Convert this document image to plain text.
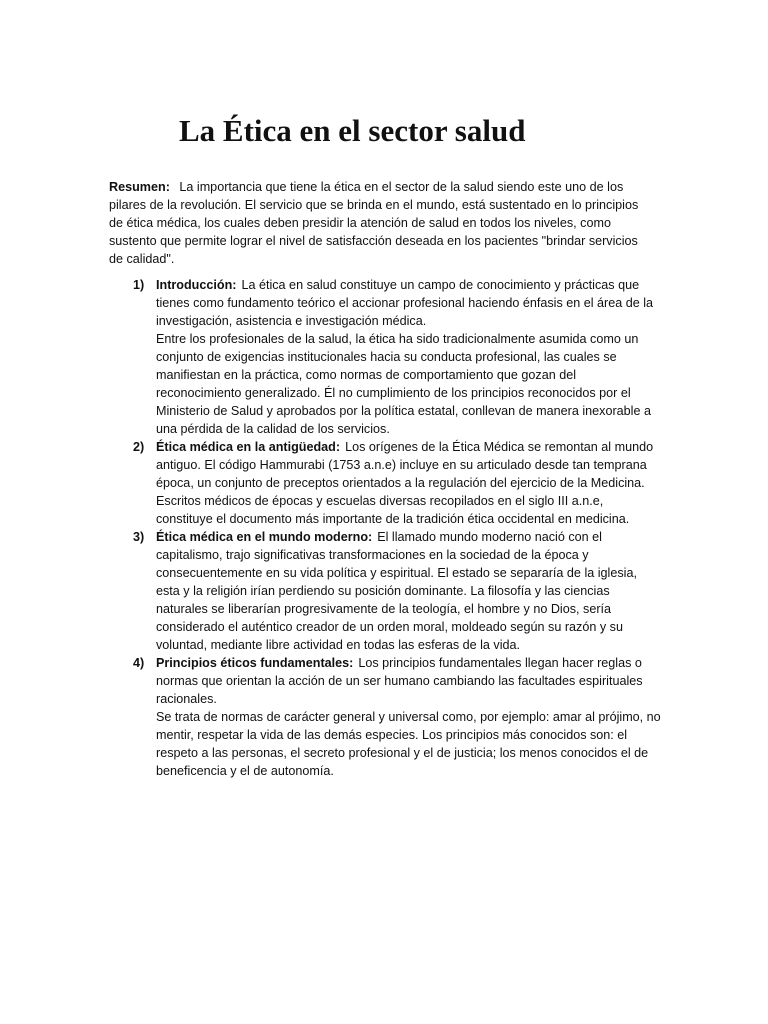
La Ética en el sector salud

Resumen: La importancia que tiene la ética en el sector de la salud siendo este uno de los pilares de la revolución. El servicio que se brinda en el mundo, está sustentado en lo principios de ética médica, los cuales deben presidir la atención de salud en todos los niveles, como sustento que permite lograr el nivel de satisfacción deseada en los pacientes "brindar servicios de calidad".

1) Introducción: La ética en salud constituye un campo de conocimiento y prácticas que tienes como fundamento teórico el accionar profesional haciendo énfasis en el área de la investigación, asistencia e investigación médica.
Entre los profesionales de la salud, la ética ha sido tradicionalmente asumida como un conjunto de exigencias institucionales hacia su conducta profesional, las cuales se manifiestan en la práctica, como normas de comportamiento que gozan del reconocimiento generalizado. Él no cumplimiento de los principios reconocidos por el Ministerio de Salud y aprobados por la política estatal, conllevan de manera inexorable a una pérdida de la calidad de los servicios.
2) Ética médica en la antigüedad: Los orígenes de la Ética Médica se remontan al mundo antiguo. El código Hammurabi (1753 a.n.e) incluye en su articulado desde tan temprana época, un conjunto de preceptos orientados a la regulación del ejercicio de la Medicina. Escritos médicos de épocas y escuelas diversas recopilados en el siglo III a.n.e, constituye el documento más importante de la tradición ética occidental en medicina.
3) Ética médica en el mundo moderno: El llamado mundo moderno nació con el capitalismo, trajo significativas transformaciones en la sociedad de la época y consecuentemente en su vida política y espiritual. El estado se separaría de la iglesia, esta y la religión irían perdiendo su posición dominante. La filosofía y las ciencias naturales se liberarían progresivamente de la teología, el hombre y no Dios, sería considerado el auténtico creador de un orden moral, moldeado según su razón y su voluntad, mediante libre actividad en todas las esferas de la vida.
4) Principios éticos fundamentales: Los principios fundamentales llegan hacer reglas o normas que orientan la acción de un ser humano cambiando las facultades espirituales racionales.
Se trata de normas de carácter general y universal como, por ejemplo: amar al prójimo, no mentir, respetar la vida de las demás especies. Los principios más conocidos son: el respeto a las personas, el secreto profesional y el de justicia; los menos conocidos el de beneficencia y el de autonomía.
